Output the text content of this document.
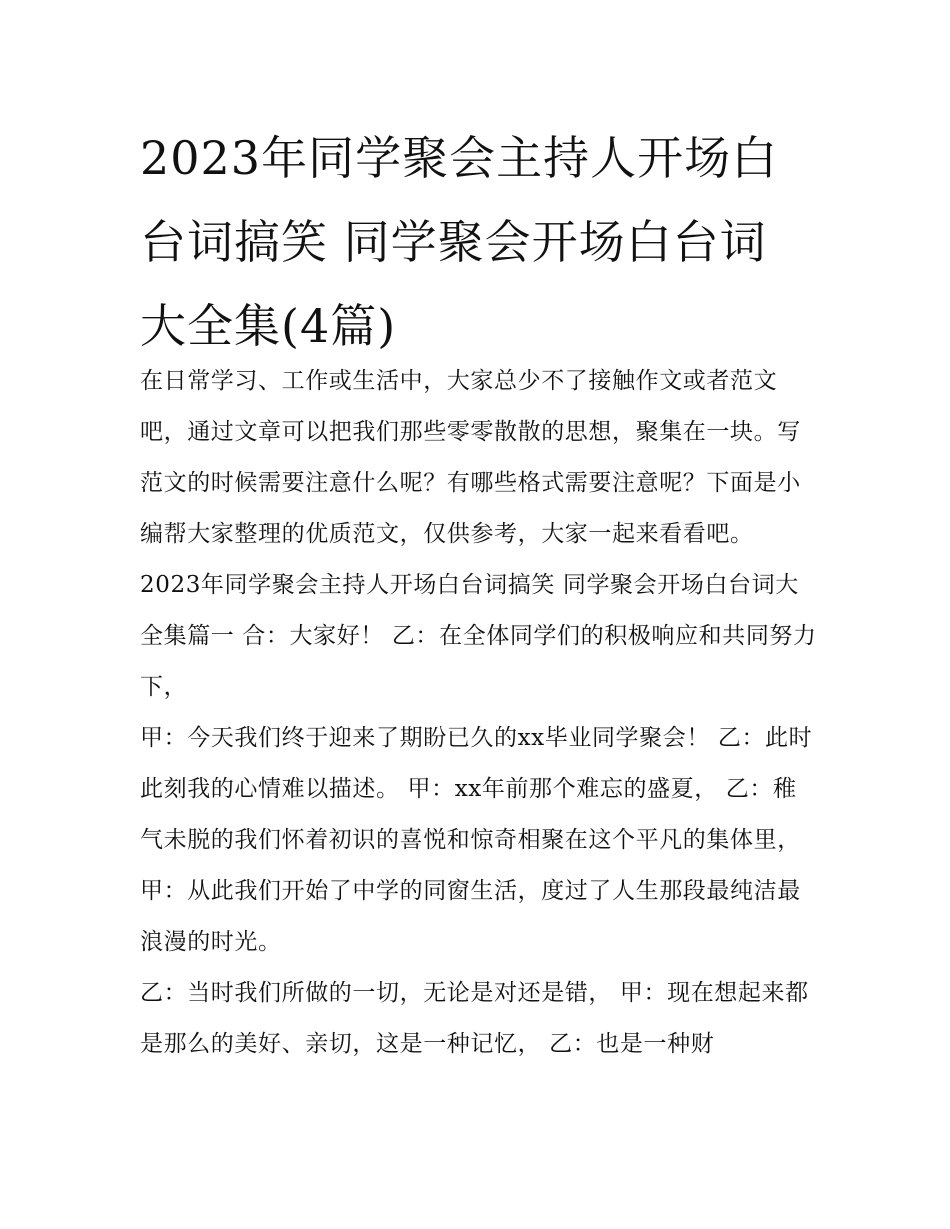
2023年同学聚会主持人开场白
台词搞笑 同学聚会开场白台词
大全集(4篇)

在日常学习、工作或生活中，大家总少不了接触作文或者范文吧，通过文章可以把我们那些零零散散的思想，聚集在一块。写范文的时候需要注意什么呢？有哪些格式需要注意呢？下面是小编帮大家整理的优质范文，仅供参考，大家一起来看看吧。

2023年同学聚会主持人开场白台词搞笑 同学聚会开场白台词大全集篇一 合：大家好！ 乙：在全体同学们的积极响应和共同努力下，

甲：今天我们终于迎来了期盼已久的xx毕业同学聚会！ 乙：此时此刻我的心情难以描述。 甲：xx年前那个难忘的盛夏， 乙：稚气未脱的我们怀着初识的喜悦和惊奇相聚在这个平凡的集体里， 甲：从此我们开始了中学的同窗生活，度过了人生那段最纯洁最浪漫的时光。

乙：当时我们所做的一切，无论是对还是错， 甲：现在想起来都是那么的美好、亲切，这是一种记忆， 乙：也是一种财
